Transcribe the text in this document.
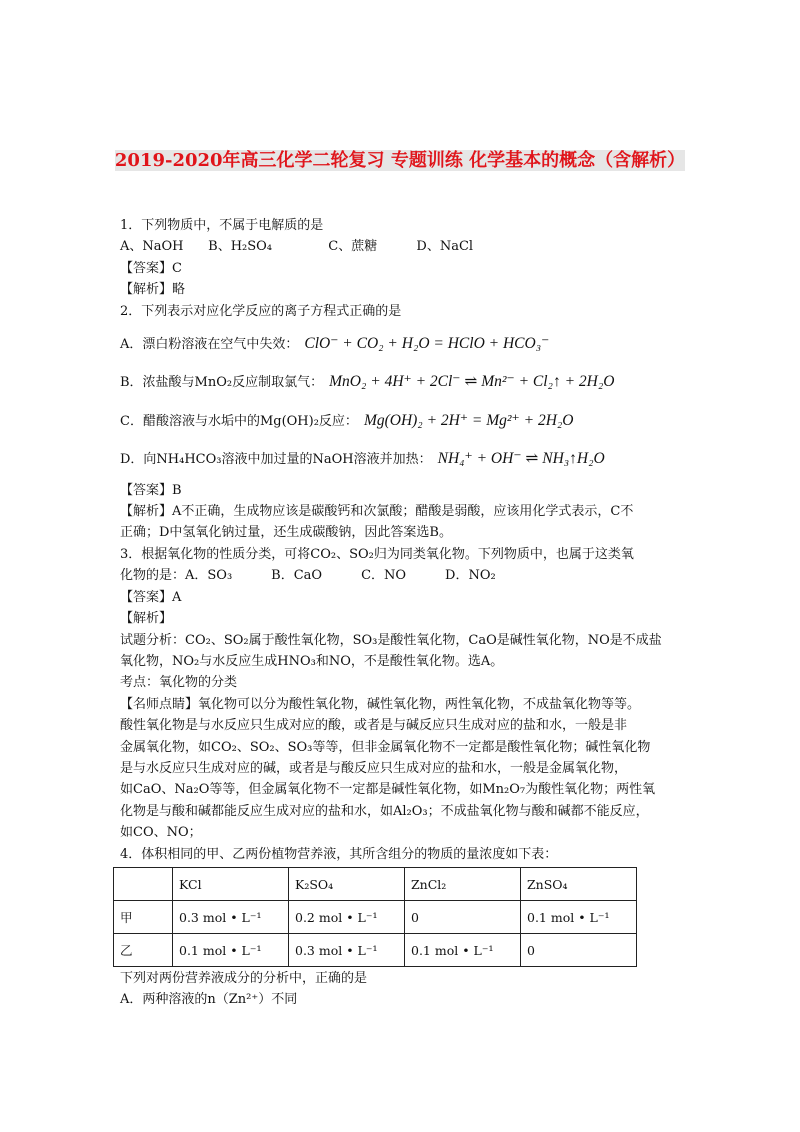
2019-2020年高三化学二轮复习 专题训练 化学基本的概念（含解析）
1．下列物质中，不属于电解质的是
A、NaOH B、H₂SO₄	C、蔗糖	D、NaCl
【答案】C
【解析】略
2．下列表示对应化学反应的离子方程式正确的是
A．漂白粉溶液在空气中失效： ClO⁻ + CO₂ + H₂O = HClO + HCO₃⁻
B．浓盐酸与MnO₂反应制取氯气： MnO₂ + 4H⁺ + 2Cl⁻ ⇌ Mn²⁻ + Cl₂↑ + 2H₂O
C．醋酸溶液与水垢中的Mg(OH)₂反应： Mg(OH)₂ + 2H⁺ = Mg²⁺ + 2H₂O
D．向NH₄HCO₃溶液中加过量的NaOH溶液并加热： NH₄⁺ + OH⁻ ⇌ NH₃↑H₂O
【答案】B
【解析】A不正确，生成物应该是碳酸钙和次氯酸；醋酸是弱酸，应该用化学式表示，C不
正确；D中氢氧化钠过量，还生成碳酸钠，因此答案选B。
3．根据氧化物的性质分类，可将CO₂、SO₂归为同类氧化物。下列物质中，也属于这类氧
化物的是：A．SO₃　　　B．CaO　　　C．NO　　　D．NO₂
【答案】A
【解析】
试题分析：CO₂、SO₂属于酸性氧化物，SO₃是酸性氧化物，CaO是碱性氧化物，NO是不成盐
氧化物，NO₂与水反应生成HNO₃和NO，不是酸性氧化物。选A。
考点：氧化物的分类
【名师点睛】氧化物可以分为酸性氧化物，碱性氧化物，两性氧化物，不成盐氧化物等等。
酸性氧化物是与水反应只生成对应的酸，或者是与碱反应只生成对应的盐和水，一般是非
金属氧化物，如CO₂、SO₂、SO₃等等，但非金属氧化物不一定都是酸性氧化物；碱性氧化物
是与水反应只生成对应的碱，或者是与酸反应只生成对应的盐和水，一般是金属氧化物，
如CaO、Na₂O等等，但金属氧化物不一定都是碱性氧化物，如Mn₂O₇为酸性氧化物；两性氧
化物是与酸和碱都能反应生成对应的盐和水，如Al₂O₃；不成盐氧化物与酸和碱都不能反应，
如CO、NO；
4．体积相同的甲、乙两份植物营养液，其所含组分的物质的量浓度如下表：
	KCl	K₂SO₄	ZnCl₂	ZnSO₄
甲	0.3 mol • L⁻¹	0.2 mol • L⁻¹	0	0.1 mol • L⁻¹
乙	0.1 mol • L⁻¹	0.3 mol • L⁻¹	0.1 mol • L⁻¹	0
下列对两份营养液成分的分析中，正确的是
A．两种溶液的n（Zn²⁺）不同
